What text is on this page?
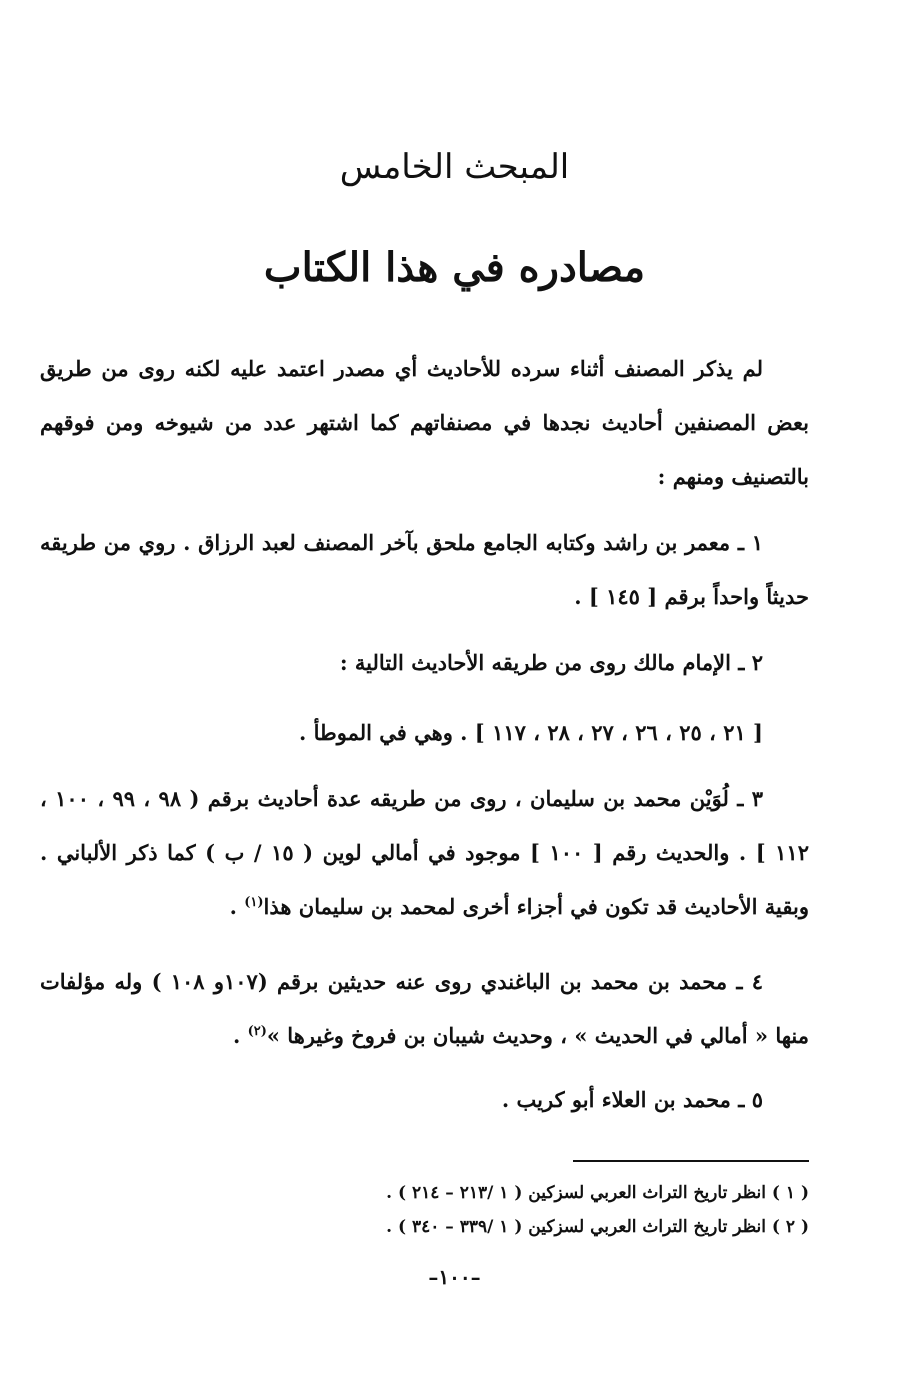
المبحث الخامس
مصادره في هذا الكتاب

لم يذكر المصنف أثناء سرده للأحاديث أي مصدر اعتمد عليه لكنه روى من طريق بعض المصنفين أحاديث نجدها في مصنفاتهم كما اشتهر عدد من شيوخه ومن فوقهم بالتصنيف ومنهم :

١ ـ معمر بن راشد وكتابه الجامع ملحق بآخر المصنف لعبد الرزاق . روي من طريقه حديثاً واحداً برقم [ ١٤٥ ] .

٢ ـ الإمام مالك روى من طريقه الأحاديث التالية :

[ ٢١ ، ٢٥ ، ٢٦ ، ٢٧ ، ٢٨ ، ١١٧ ] . وهي في الموطأ .

٣ ـ لُوَيْن محمد بن سليمان ، روى من طريقه عدة أحاديث برقم ( ٩٨ ، ٩٩ ، ١٠٠ ، ١١٢ ] . والحديث رقم [ ١٠٠ ] موجود في أمالي لوين ( ١٥ / ب ) كما ذكر الألباني . وبقية الأحاديث قد تكون في أجزاء أخرى لمحمد بن سليمان هذا$^{(١)}$ .

٤ ـ محمد بن محمد بن الباغندي روى عنه حديثين برقم (١٠٧و ١٠٨ ) وله مؤلفات منها « أمالي في الحديث » ، وحديث شيبان بن فروخ وغيرها »$^{(٢)}$ .

٥ ـ محمد بن العلاء أبو كريب .

( ١ ) انظر تاريخ التراث العربي لسزكين ( ١ /٢١٣ – ٢١٤ ) .

( ٢ ) انظر تاريخ التراث العربي لسزكين ( ١ /٣٣٩ – ٣٤٠ ) .

–١٠٠–
